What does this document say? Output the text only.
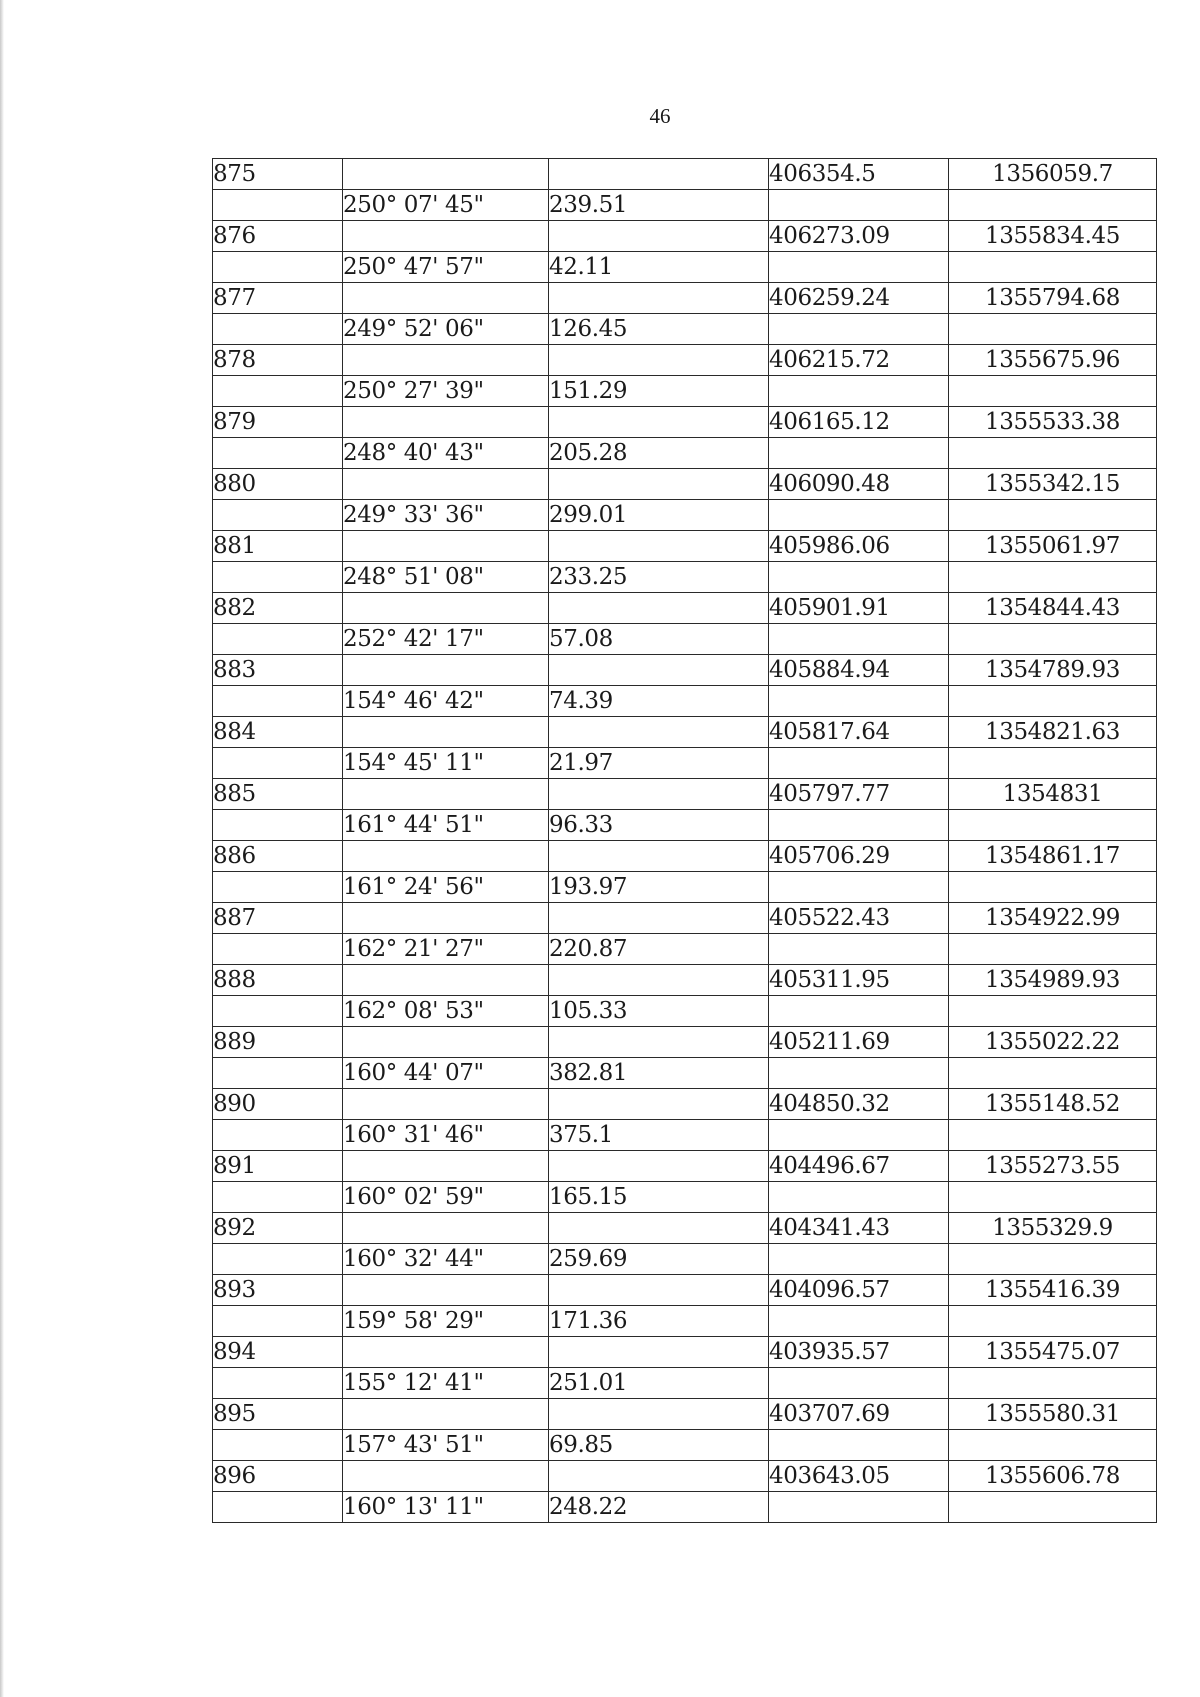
46
875			406354.5	1356059.7
	250° 07' 45"	239.51		
876			406273.09	1355834.45
	250° 47' 57"	42.11		
877			406259.24	1355794.68
	249° 52' 06"	126.45		
878			406215.72	1355675.96
	250° 27' 39"	151.29		
879			406165.12	1355533.38
	248° 40' 43"	205.28		
880			406090.48	1355342.15
	249° 33' 36"	299.01		
881			405986.06	1355061.97
	248° 51' 08"	233.25		
882			405901.91	1354844.43
	252° 42' 17"	57.08		
883			405884.94	1354789.93
	154° 46' 42"	74.39		
884			405817.64	1354821.63
	154° 45' 11"	21.97		
885			405797.77	1354831
	161° 44' 51"	96.33		
886			405706.29	1354861.17
	161° 24' 56"	193.97		
887			405522.43	1354922.99
	162° 21' 27"	220.87		
888			405311.95	1354989.93
	162° 08' 53"	105.33		
889			405211.69	1355022.22
	160° 44' 07"	382.81		
890			404850.32	1355148.52
	160° 31' 46"	375.1		
891			404496.67	1355273.55
	160° 02' 59"	165.15		
892			404341.43	1355329.9
	160° 32' 44"	259.69		
893			404096.57	1355416.39
	159° 58' 29"	171.36		
894			403935.57	1355475.07
	155° 12' 41"	251.01		
895			403707.69	1355580.31
	157° 43' 51"	69.85		
896			403643.05	1355606.78
	160° 13' 11"	248.22		
